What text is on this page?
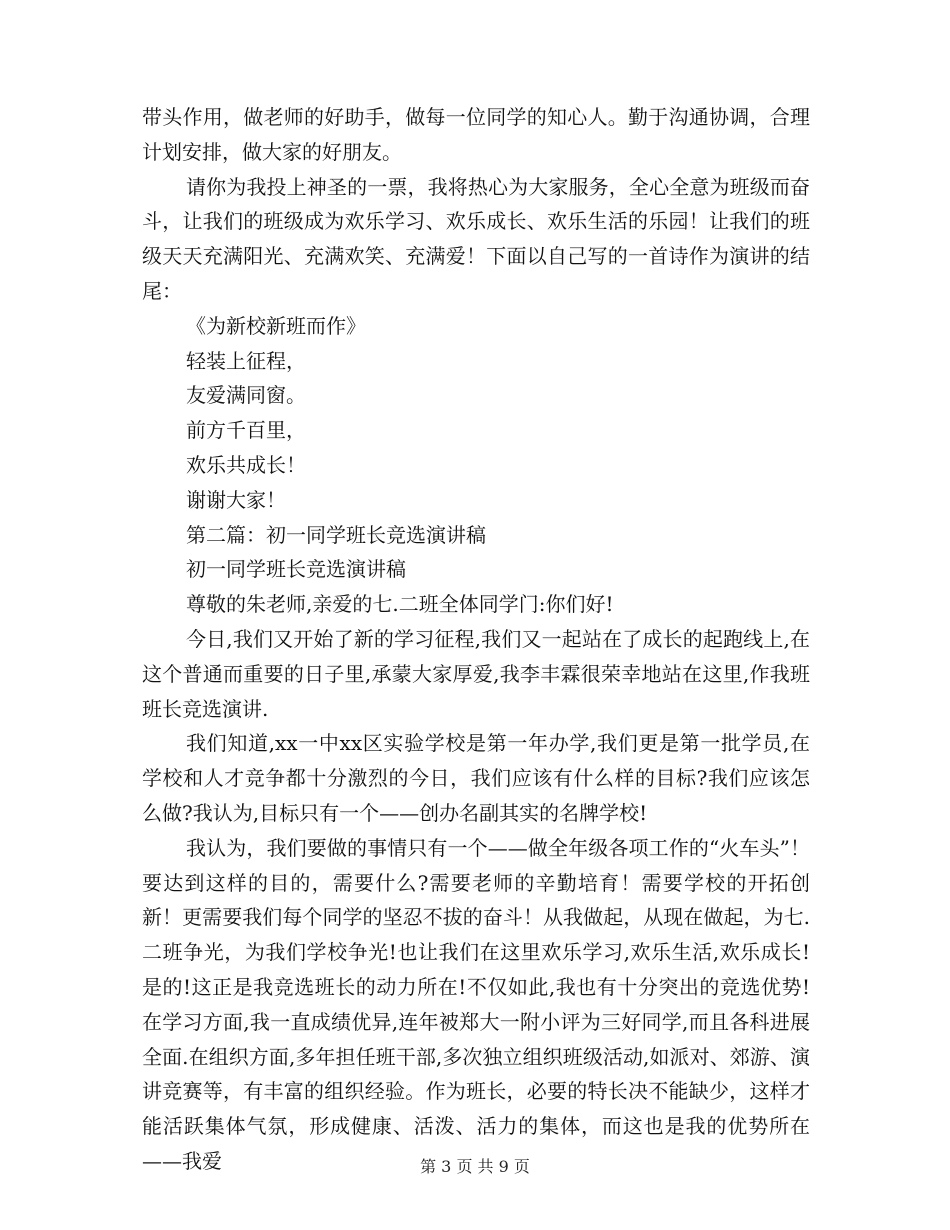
带头作用，做老师的好助手，做每一位同学的知心人。勤于沟通协调，合理计划安排，做大家的好朋友。

请你为我投上神圣的一票，我将热心为大家服务，全心全意为班级而奋斗，让我们的班级成为欢乐学习、欢乐成长、欢乐生活的乐园！让我们的班级天天充满阳光、充满欢笑、充满爱！下面以自己写的一首诗作为演讲的结尾：

《为新校新班而作》

轻装上征程，

友爱满同窗。

前方千百里，

欢乐共成长！

谢谢大家！

第二篇：初一同学班长竞选演讲稿

初一同学班长竞选演讲稿

尊敬的朱老师,亲爱的七.二班全体同学门:你们好!

今日,我们又开始了新的学习征程,我们又一起站在了成长的起跑线上,在这个普通而重要的日子里,承蒙大家厚爱,我李丰霖很荣幸地站在这里,作我班班长竞选演讲.

我们知道,xx一中xx区实验学校是第一年办学,我们更是第一批学员,在学校和人才竞争都十分激烈的今日，我们应该有什么样的目标?我们应该怎么做?我认为,目标只有一个——创办名副其实的名牌学校!

我认为，我们要做的事情只有一个——做全年级各项工作的“火车头”！要达到这样的目的，需要什么?需要老师的辛勤培育！需要学校的开拓创新！更需要我们每个同学的坚忍不拔的奋斗！从我做起，从现在做起，为七.二班争光，为我们学校争光!也让我们在这里欢乐学习,欢乐生活,欢乐成长!是的!这正是我竞选班长的动力所在!不仅如此,我也有十分突出的竞选优势!在学习方面,我一直成绩优异,连年被郑大一附小评为三好同学,而且各科进展全面.在组织方面,多年担任班干部,多次独立组织班级活动,如派对、郊游、演讲竞赛等，有丰富的组织经验。作为班长，必要的特长决不能缺少，这样才能活跃集体气氛，形成健康、活泼、活力的集体，而这也是我的优势所在——我爱	第 3 页 共 9 页
